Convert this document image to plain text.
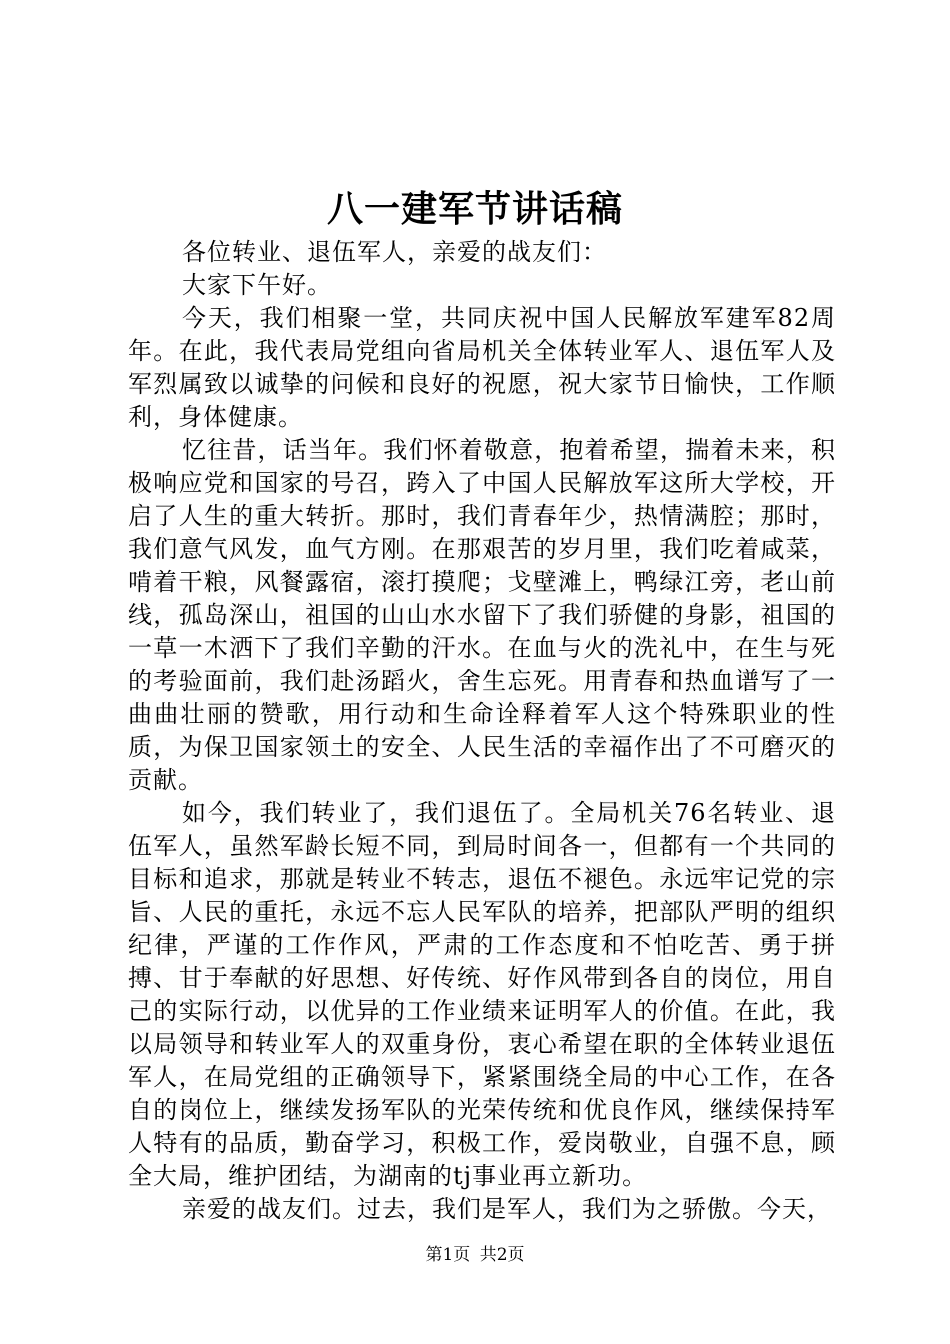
八一建军节讲话稿

各位转业、退伍军人，亲爱的战友们：

大家下午好。

今天，我们相聚一堂，共同庆祝中国人民解放军建军82周年。在此，我代表局党组向省局机关全体转业军人、退伍军人及军烈属致以诚挚的问候和良好的祝愿，祝大家节日愉快，工作顺利，身体健康。

忆往昔，话当年。我们怀着敬意，抱着希望，揣着未来，积极响应党和国家的号召，跨入了中国人民解放军这所大学校，开启了人生的重大转折。那时，我们青春年少，热情满腔；那时，我们意气风发，血气方刚。在那艰苦的岁月里，我们吃着咸菜，啃着干粮，风餐露宿，滚打摸爬；戈壁滩上，鸭绿江旁，老山前线，孤岛深山，祖国的山山水水留下了我们骄健的身影，祖国的一草一木洒下了我们辛勤的汗水。在血与火的洗礼中，在生与死的考验面前，我们赴汤蹈火，舍生忘死。用青春和热血谱写了一曲曲壮丽的赞歌，用行动和生命诠释着军人这个特殊职业的性质，为保卫国家领土的安全、人民生活的幸福作出了不可磨灭的贡献。

如今，我们转业了，我们退伍了。全局机关76名转业、退伍军人，虽然军龄长短不同，到局时间各一，但都有一个共同的目标和追求，那就是转业不转志，退伍不褪色。永远牢记党的宗旨、人民的重托，永远不忘人民军队的培养，把部队严明的组织纪律，严谨的工作作风，严肃的工作态度和不怕吃苦、勇于拼搏、甘于奉献的好思想、好传统、好作风带到各自的岗位，用自己的实际行动，以优异的工作业绩来证明军人的价值。在此，我以局领导和转业军人的双重身份，衷心希望在职的全体转业退伍军人，在局党组的正确领导下，紧紧围绕全局的中心工作，在各自的岗位上，继续发扬军队的光荣传统和优良作风，继续保持军人特有的品质，勤奋学习，积极工作，爱岗敬业，自强不息，顾全大局，维护团结，为湖南的tj事业再立新功。

亲爱的战友们。过去，我们是军人，我们为之骄傲。今天，

第1页 共2页
